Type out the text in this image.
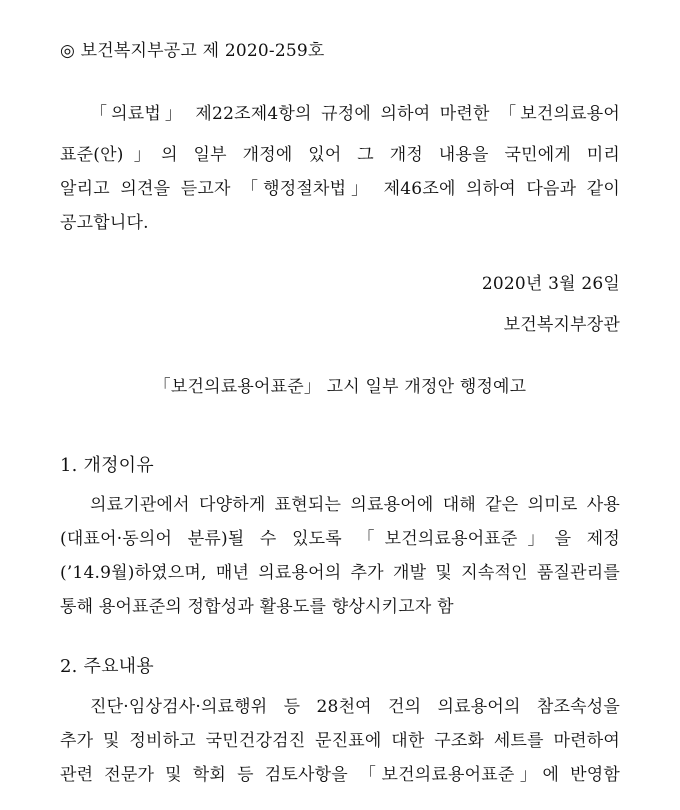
◎ 보건복지부공고 제 2020-259호
「의료법」 제22조제4항의 규정에 의하여 마련한 「보건의료용어
표준(안)」의 일부 개정에 있어 그 개정 내용을 국민에게 미리
알리고 의견을 듣고자 「행정절차법」 제46조에 의하여 다음과 같이
공고합니다.
2020년 3월 26일
보건복지부장관
「보건의료용어표준」 고시 일부 개정안 행정예고
1. 개정이유
의료기관에서 다양하게 표현되는 의료용어에 대해 같은 의미로 사용
(대표어·동의어 분류)될 수 있도록 「보건의료용어표준」을 제정
(’14.9월)하였으며, 매년 의료용어의 추가 개발 및 지속적인 품질관리를
통해 용어표준의 정합성과 활용도를 향상시키고자 함
2. 주요내용
진단·임상검사·의료행위 등 28천여 건의 의료용어의 참조속성을
추가 및 정비하고 국민건강검진 문진표에 대한 구조화 세트를 마련하여
관련 전문가 및 학회 등 검토사항을 「보건의료용어표준」에 반영함
